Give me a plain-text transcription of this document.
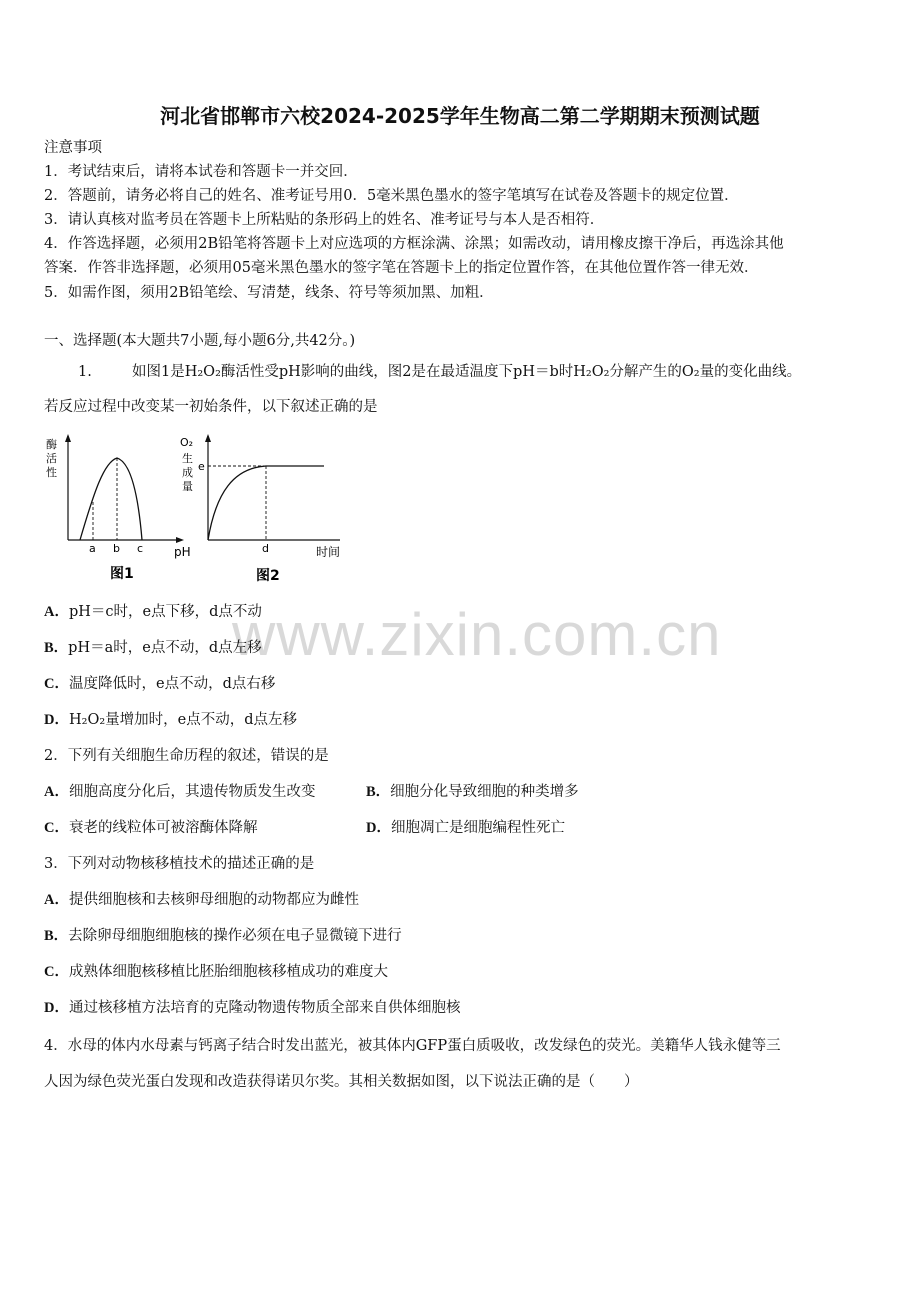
河北省邯郸市六校2024-2025学年生物高二第二学期期末预测试题
注意事项
1．考试结束后，请将本试卷和答题卡一并交回．
2．答题前，请务必将自己的姓名、准考证号用0．5毫米黑色墨水的签字笔填写在试卷及答题卡的规定位置．
3．请认真核对监考员在答题卡上所粘贴的条形码上的姓名、准考证号与本人是否相符．
4．作答选择题，必须用2B铅笔将答题卡上对应选项的方框涂满、涂黑；如需改动，请用橡皮擦干净后，再选涂其他
答案．作答非选择题，必须用05毫米黑色墨水的签字笔在答题卡上的指定位置作答，在其他位置作答一律无效．
5．如需作图，须用2B铅笔绘、写清楚，线条、符号等须加黑、加粗．
一、选择题(本大题共7小题,每小题6分,共42分。)
1.	如图1是H₂O₂酶活性受pH影响的曲线，图2是在最适温度下pH＝b时H₂O₂分解产生的O₂量的变化曲线。
若反应过程中改变某一初始条件，以下叙述正确的是
酶
活
性
a b c	pH
图1
O₂
生
成
量
e
d	时间
图2
www.zixin.com.cn
A．pH＝c时，e点下移，d点不动
B．pH＝a时，e点不动，d点左移
C．温度降低时，e点不动，d点右移
D．H₂O₂量增加时，e点不动，d点左移
2．下列有关细胞生命历程的叙述，错误的是
A．细胞高度分化后，其遗传物质发生改变	B．细胞分化导致细胞的种类增多
C．衰老的线粒体可被溶酶体降解	D．细胞凋亡是细胞编程性死亡
3．下列对动物核移植技术的描述正确的是
A．提供细胞核和去核卵母细胞的动物都应为雌性
B．去除卵母细胞细胞核的操作必须在电子显微镜下进行
C．成熟体细胞核移植比胚胎细胞核移植成功的难度大
D．通过核移植方法培育的克隆动物遗传物质全部来自供体细胞核
4．水母的体内水母素与钙离子结合时发出蓝光，被其体内GFP蛋白质吸收，改发绿色的荧光。美籍华人钱永健等三
人因为绿色荧光蛋白发现和改造获得诺贝尔奖。其相关数据如图，以下说法正确的是（　　）
